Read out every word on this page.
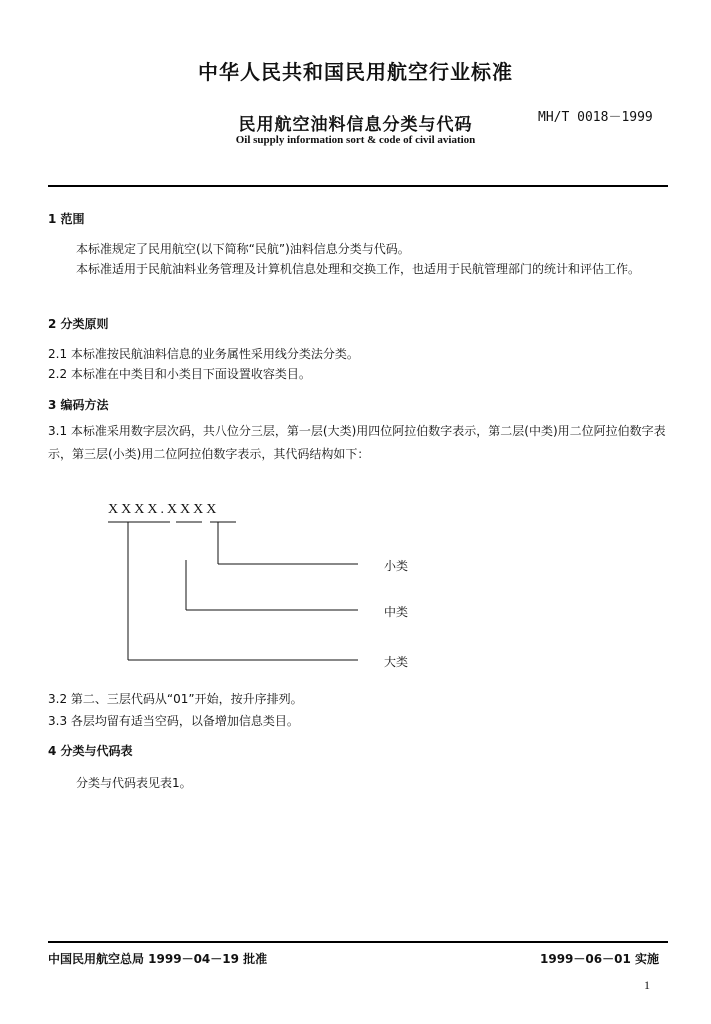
中华人民共和国民用航空行业标准
民用航空油料信息分类与代码	MH/T 0018－1999
Oil supply information sort & code of civil aviation
1 范围
本标准规定了民用航空(以下简称“民航”)油料信息分类与代码。
本标准适用于民航油料业务管理及计算机信息处理和交换工作，也适用于民航管理部门的统计和评估工作。
2 分类原则
2.1 本标准按民航油料信息的业务属性采用线分类法分类。
2.2 本标准在中类目和小类目下面设置收容类目。
3 编码方法
3.1 本标准采用数字层次码，共八位分三层，第一层(大类)用四位阿拉伯数字表示，第二层(中类)用二位阿拉伯数字表示，第三层(小类)用二位阿拉伯数字表示，其代码结构如下：
XXXX.XXXX
小类
中类
大类
3.2 第二、三层代码从“01”开始，按升序排列。
3.3 各层均留有适当空码，以备增加信息类目。
4 分类与代码表
分类与代码表见表1。
中国民用航空总局 1999－04－19 批准	1999－06－01 实施
1
